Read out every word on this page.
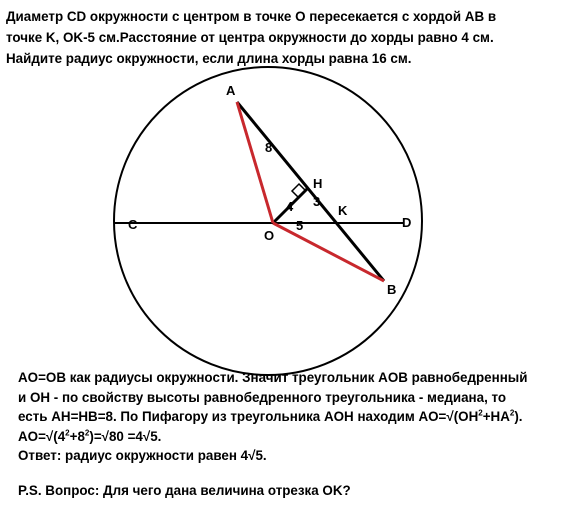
Диаметр CD окружности с центром в точке О пересекается с хордой AB в
точке K, OK-5 см.Расстояние от центра окружности до хорды равно 4 см.
Найдите радиус окружности, если длина хорды равна 16 см.
A
B
C	D
O
H
K
8
4 3
5
AO=OB как радиусы окружности. Значит треугольник AOB равнобедренный
и OH - по свойству высоты равнобедренного треугольника - медиана, то
есть AH=HB=8. По Пифагору из треугольника AOH находим $AO=√(OH^2+HA^2)$.
$AO=√(4^2+8^2)=√80 =4√5$.
Ответ: радиус окружности равен 4√5.

P.S. Вопрос: Для чего дана величина отрезка OK?
